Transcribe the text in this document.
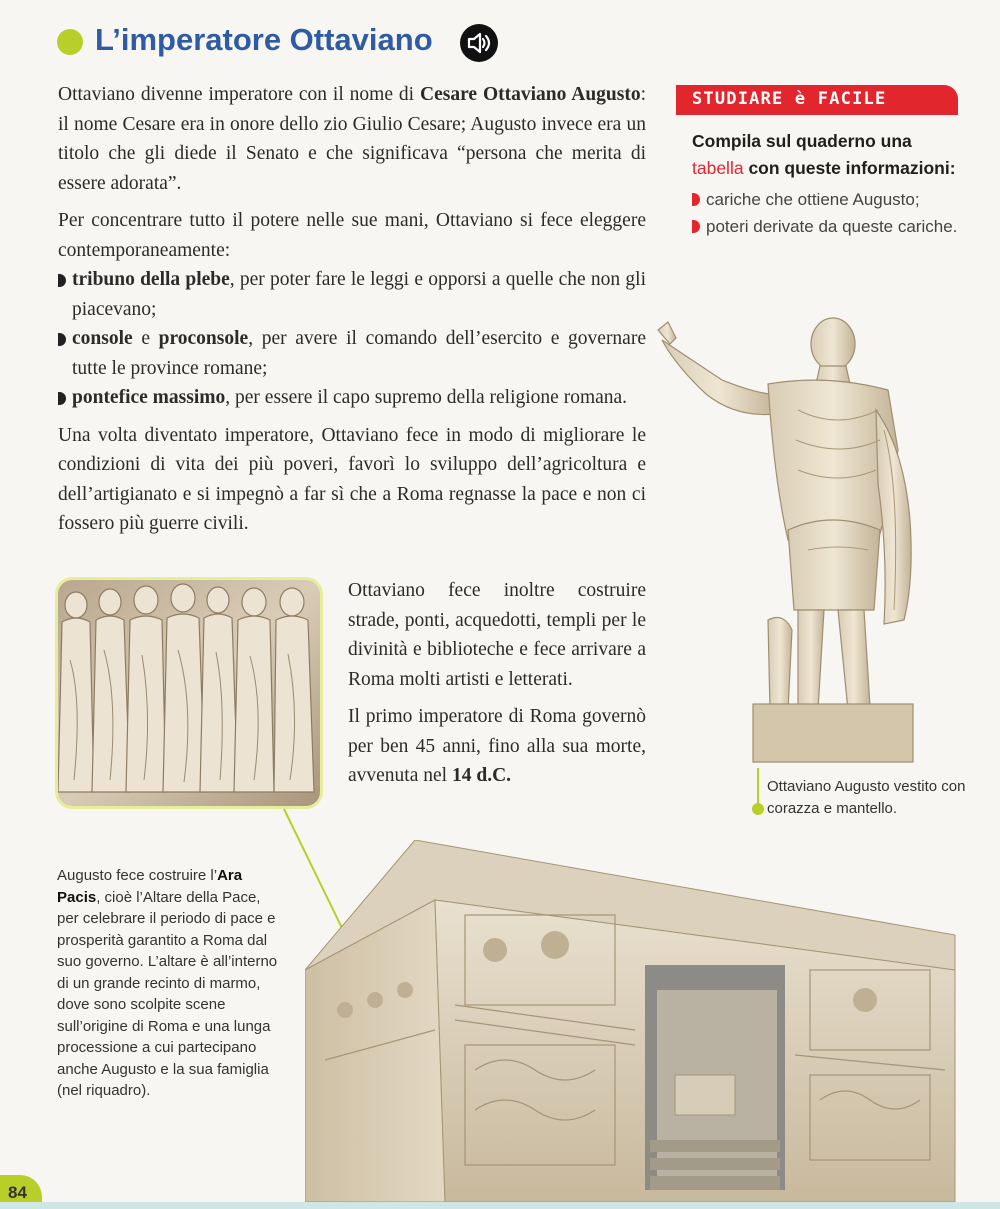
L’imperatore Ottaviano

Ottaviano divenne imperatore con il nome di Cesare Ottaviano Augusto: il nome Cesare era in onore dello zio Giulio Cesare; Augusto invece era un titolo che gli diede il Senato e che significava “persona che merita di essere adorata”.

Per concentrare tutto il potere nelle sue mani, Ottaviano si fece eleggere contemporaneamente:

tribuno della plebe, per poter fare le leggi e opporsi a quelle che non gli piacevano;
console e proconsole, per avere il comando dell’esercito e governare tutte le province romane;
pontefice massimo, per essere il capo supremo della religione romana.

Una volta diventato imperatore, Ottaviano fece in modo di migliorare le condizioni di vita dei più poveri, favorì lo sviluppo dell’agricoltura e dell’artigianato e si impegnò a far sì che a Roma regnasse la pace e non ci fossero più guerre civili.

Ottaviano fece inoltre costruire strade, ponti, acquedotti, templi per le divinità e biblioteche e fece arrivare a Roma molti artisti e letterati.

Il primo imperatore di Roma governò per ben 45 anni, fino alla sua morte, avvenuta nel 14 d.C.

STUDIARE è FACILE
Compila sul quaderno una tabella con queste informazioni:
cariche che ottiene Augusto;
poteri derivate da queste cariche.
Ottaviano Augusto vestito con corazza e mantello.
Augusto fece costruire l’Ara Pacis, cioè l’Altare della Pace, per celebrare il periodo di pace e prosperità garantito a Roma dal suo governo. L’altare è all’interno di un grande recinto di marmo, dove sono scolpite scene sull’origine di Roma e una lunga processione a cui partecipano anche Augusto e la sua famiglia (nel riquadro).
84
